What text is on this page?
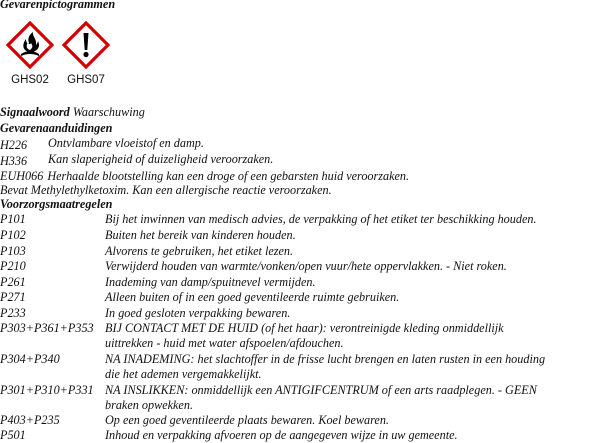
Gevarenpictogrammen
GHS02	GHS07
Signaalwoord Waarschuwing
Gevarenaanduidingen
H226 Ontvlambare vloeistof en damp.
H336 Kan slaperigheid of duizeligheid veroorzaken.
EUH066 Herhaalde blootstelling kan een droge of een gebarsten huid veroorzaken.
Bevat Methylethylketoxim. Kan een allergische reactie veroorzaken.
Voorzorgsmaatregelen
P101	Bij het inwinnen van medisch advies, de verpakking of het etiket ter beschikking houden.
P102	Buiten het bereik van kinderen houden.
P103	Alvorens te gebruiken, het etiket lezen.
P210	Verwijderd houden van warmte/vonken/open vuur/hete oppervlakken. - Niet roken.
P261	Inademing van damp/spuitnevel vermijden.
P271	Alleen buiten of in een goed geventileerde ruimte gebruiken.
P233	In goed gesloten verpakking bewaren.
P303+P361+P353 BIJ CONTACT MET DE HUID (of het haar): verontreinigde kleding onmiddellijk
uittrekken - huid met water afspoelen/afdouchen.
P304+P340	NA INADEMING: het slachtoffer in de frisse lucht brengen en laten rusten in een houding
die het ademen vergemakkelijkt.
P301+P310+P331 NA INSLIKKEN: onmiddellijk een ANTIGIFCENTRUM of een arts raadplegen. - GEEN
braken opwekken.
P403+P235	Op een goed geventileerde plaats bewaren. Koel bewaren.
P501	Inhoud en verpakking afvoeren op de aangegeven wijze in uw gemeente.
